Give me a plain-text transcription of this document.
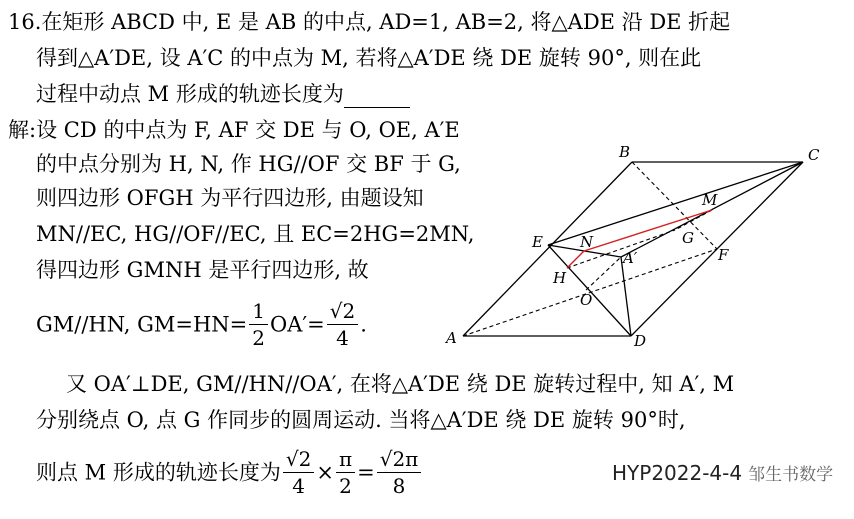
16.在矩形 ABCD 中, E 是 AB 的中点, AD=1, AB=2, 将△ADE 沿 DE 折起
得到△A′DE, 设 A′C 的中点为 M, 若将△A′DE 绕 DE 旋转 90°, 则在此
过程中动点 M 形成的轨迹长度为
解:设 CD 的中点为 F, AF 交 DE 与 O, OE, A′E
的中点分别为 H, N, 作 HG//OF 交 BF 于 G,
则四边形 OFGH 为平行四边形, 由题设知
MN//EC, HG//OF//EC, 且 EC=2HG=2MN,
得四边形 GMNH 是平行四边形, 故
GM//HN, $GM=HN= \frac{1}{2} OA'= \frac{√2}{4}$ .
又 OA′⊥DE, GM//HN//OA′, 在将△A′DE 绕 DE 旋转过程中, 知 A′, M
分别绕点 O, 点 G 作同步的圆周运动. 当将△A′DE 绕 DE 旋转 90°时,
则点 M 形成的轨迹长度为 $\frac{√2}{4} \times \frac{\pi}{2} = \frac{√2\pi}{8}$
A
B	C
D
E
F
O
H
N
M
G
A′
HYP2022-4-4 邹生书数学
